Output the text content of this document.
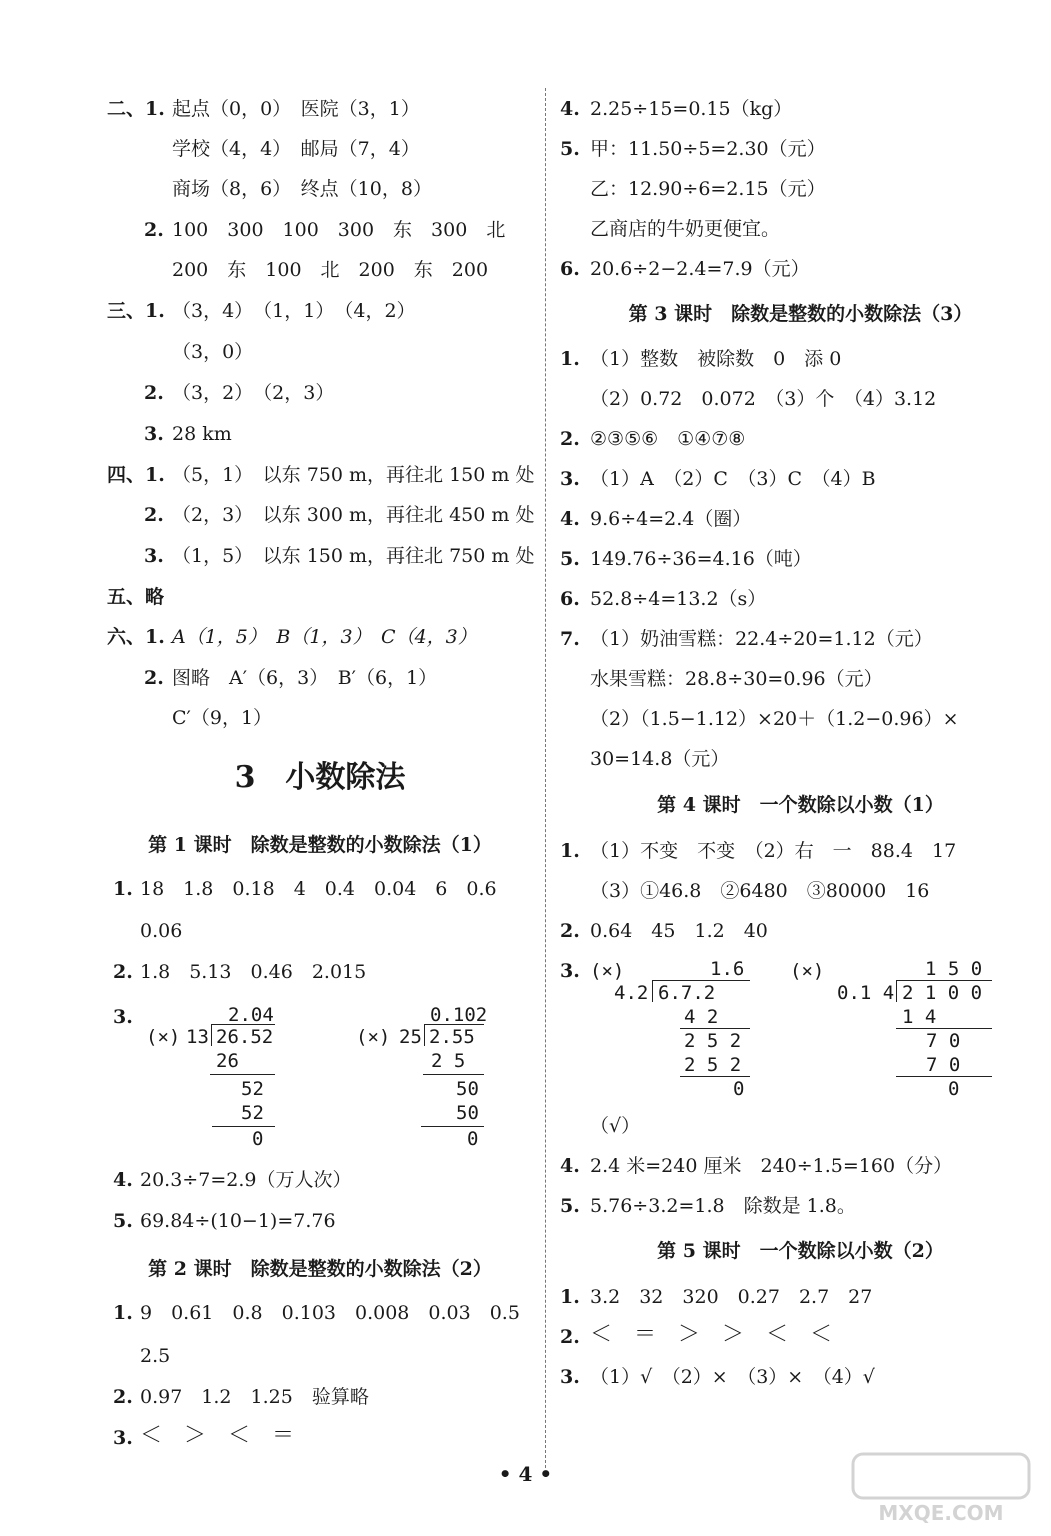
二、1. 起点（0，0）　医院（3，1）
学校（4，4）　邮局（7，4）
商场（8，6）　终点（10，8）
2. 100　300　100　300　东　300　北
200　东　100　北　200　东　200
三、1. （3，4）　（1，1）　（4，2）
（3，0）
2. （3，2）　（2，3）
3. 28 km
四、1. （5，1）　以东 750 m，再往北 150 m 处
2. （2，3）　以东 300 m，再往北 450 m 处
3. （1，5）　以东 150 m，再往北 750 m 处
五、略
六、1. A（1，5）　B（1，3）　C（4，3）
2. 图略　A′（6，3）　B′（6，1）
C′（9，1）
3　小数除法
第 1 课时　除数是整数的小数除法（1）
1. 18　1.8　0.18　4　0.4　0.04　6　0.6
0.06
2. 1.8　5.13　0.46　2.015
3.
(×)
2.04
13 26.52
26
52
52
0
(×)
0.102
25 2.55
2 5
50
50
0
4. 20.3÷7=2.9（万人次）
5. 69.84÷(10−1)=7.76
第 2 课时　除数是整数的小数除法（2）
1. 9　0.61　0.8　0.103　0.008　0.03　0.5
2.5
2. 0.97　1.2　1.25　验算略
3. ＜　＞　＜　＝
4. 2.25÷15=0.15（kg）
5. 甲：11.50÷5=2.30（元）
乙：12.90÷6=2.15（元）
乙商店的牛奶更便宜。
6. 20.6÷2−2.4=7.9（元）
第 3 课时　除数是整数的小数除法（3）
1. （1）整数　被除数　0　添 0
（2）0.72　0.072　（3）个　（4）3.12
2. ②③⑤⑥　①④⑦⑧
3. （1）A　（2）C　（3）C　（4）B
4. 9.6÷4=2.4（圈）
5. 149.76÷36=4.16（吨）
6. 52.8÷4=13.2（s）
7. （1）奶油雪糕：22.4÷20=1.12（元）
水果雪糕：28.8÷30=0.96（元）
（2）（1.5−1.12）×20＋（1.2−0.96）×
30=14.8（元）
第 4 课时　一个数除以小数（1）
1. （1）不变　不变　（2）右　一　88.4　17
（3）①46.8　②6480　③80000　16
2. 0.64　45　1.2　40
3. (×)	1.6
4.2 6.7.2
4 2
2 5 2
2 5 2
0
(×)	1 5 0
0.1 4 2 1 0 0
1 4
7 0
7 0
0
（√）
4. 2.4 米=240 厘米　240÷1.5=160（分）
5. 5.76÷3.2=1.8　除数是 1.8。
第 5 课时　一个数除以小数（2）
1. 3.2　32　320　0.27　2.7　27
2. ＜　＝　＞　＞　＜　＜
3. （1）√　（2）×　（3）×　（4）√
• 4 •
MXQE.COM
